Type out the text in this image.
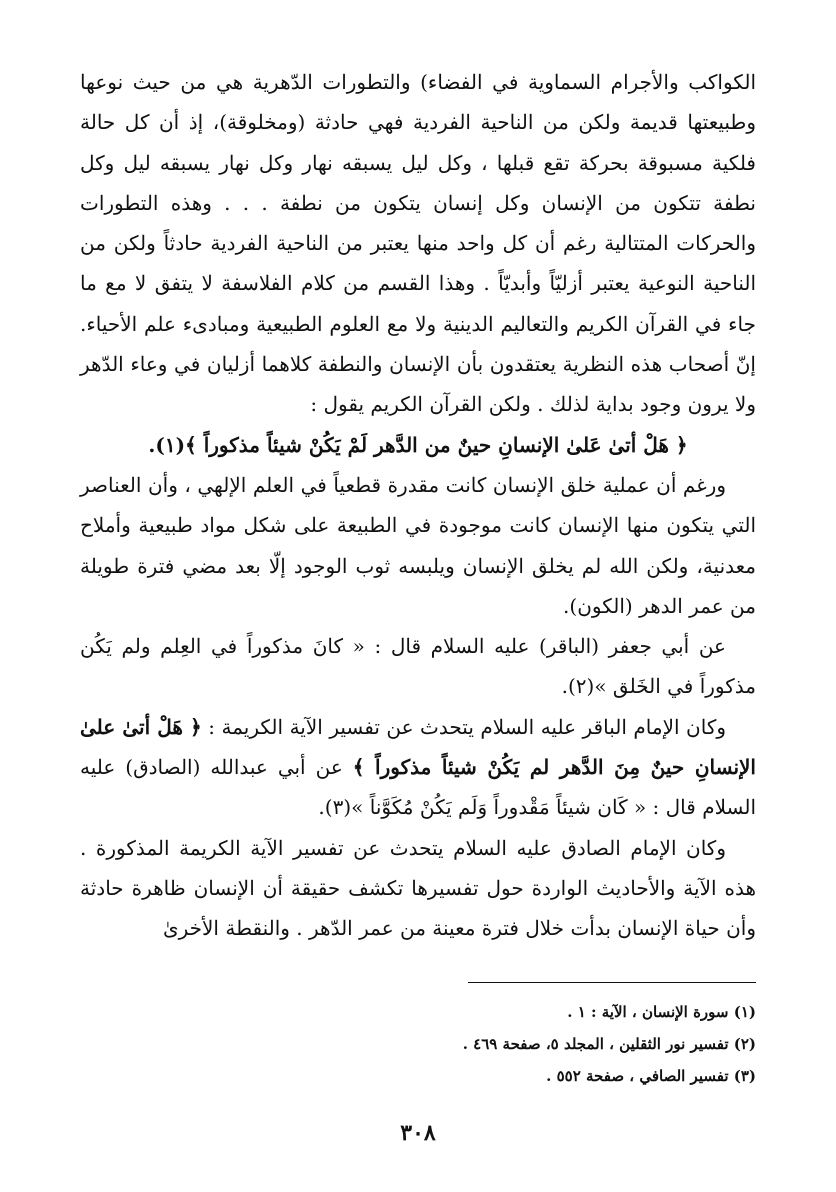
الكواكب والأجرام السماوية في الفضاء) والتطورات الدّهرية هي من حيث نوعها وطبيعتها قديمة ولكن من الناحية الفردية فهي حادثة (ومخلوقة)، إذ أن كل حالة فلكية مسبوقة بحركة تقع قبلها ، وكل ليل يسبقه نهار وكل نهار يسبقه ليل وكل نطفة تتكون من الإنسان وكل إنسان يتكون من نطفة . . . وهذه التطورات والحركات المتتالية رغم أن كل واحد منها يعتبر من الناحية الفردية حادثاً ولكن من الناحية النوعية يعتبر أزليّاً وأبديّاً . وهذا القسم من كلام الفلاسفة لا يتفق لا مع ما جاء في القرآن الكريم والتعاليم الدينية ولا مع العلوم الطبيعية ومبادىء علم الأحياء. إنّ أصحاب هذه النظرية يعتقدون بأن الإنسان والنطفة كلاهما أزليان في وعاء الدّهر ولا يرون وجود بداية لذلك . ولكن القرآن الكريم يقول :

﴿ هَلْ أتىٰ عَلىٰ الإنسانِ حينٌ من الدَّهر لَمْ يَكُنْ شيئاً مذكوراً ﴾(١).

ورغم أن عملية خلق الإنسان كانت مقدرة قطعياً في العلم الإلهي ، وأن العناصر التي يتكون منها الإنسان كانت موجودة في الطبيعة على شكل مواد طبيعية وأملاح معدنية، ولكن الله لم يخلق الإنسان ويلبسه ثوب الوجود إلّا بعد مضي فترة طويلة من عمر الدهر (الكون).

عن أبي جعفر (الباقر) عليه السلام قال : « كانَ مذكوراً في العِلم ولم يَكُن مذكوراً في الخَلق »(٢).

وكان الإمام الباقر عليه السلام يتحدث عن تفسير الآية الكريمة : ﴿ هَلْ أتىٰ علىٰ الإنسانِ حينٌ مِنَ الدَّهر لم يَكُنْ شيئاً مذكوراً ﴾ عن أبي عبدالله (الصادق) عليه السلام قال : « كَان شيئاً مَقْدوراً وَلَم يَكُنْ مُكَوَّناً »(٣).

وكان الإمام الصادق عليه السلام يتحدث عن تفسير الآية الكريمة المذكورة . هذه الآية والأحاديث الواردة حول تفسيرها تكشف حقيقة أن الإنسان ظاهرة حادثة وأن حياة الإنسان بدأت خلال فترة معينة من عمر الدّهر . والنقطة الأخرىٰ

(١) سورة الإنسان ، الآية : ١ .
(٢) تفسير نور الثقلين ، المجلد ٥، صفحة ٤٦٩ .
(٣) تفسير الصافي ، صفحة ٥٥٢ .
٣٠٨
